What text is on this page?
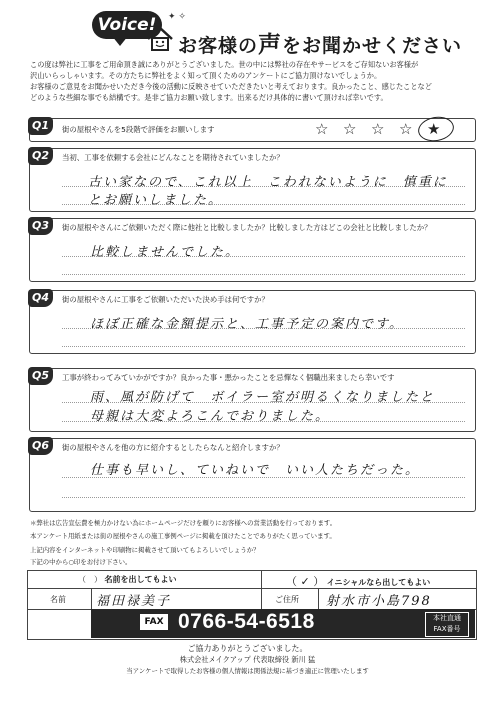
Voice!	✦ ✧
お客様の声をお聞かせください
この度は弊社に工事をご用命頂き誠にありがとうございました。世の中には弊社の存在やサービスをご存知ないお客様が
沢山いらっしゃいます。その方たちに弊社をよく知って頂くためのアンケートにご協力頂けないでしょうか。
お客様のご意見をお聞かせいただき今後の活動に反映させていただきたいと考えております。良かったこと、感じたことなど
どのような些細な事でも結構です。是非ご協力お願い致します。出来るだけ具体的に書いて頂ければ幸いです。
Q1	街の屋根やさんを5段階で評価をお願いします	☆ ☆ ☆ ☆ ★
Q2	当初、工事を依頼する会社にどんなことを期待されていましたか？
古い家なので、これ以上　こわれないように　慎重に
とお願いしました。
Q3	街の屋根やさんにご依頼いただく際に他社と比較しましたか？比較しました方はどこの会社と比較しましたか？
比較しませんでした。
Q4	街の屋根やさんに工事をご依頼いただいた決め手は何ですか？
ほぼ正確な金額提示と、工事予定の案内です。
Q5	工事が終わってみていかがですか？良かった事・悪かったことを忌憚なく個職出来ましたら幸いです
雨、風が防げて　ボイラー室が明るくなりましたと
母親は大変よろこんでおりました。
Q6	街の屋根やさんを他の方に紹介するとしたらなんと紹介しますか？
仕事も早いし、ていねいで　いい人たちだった。
＊弊社は広告宣伝費を極力かけない為にホームページだけを頼りにお客様への営業活動を行っております。
本アンケート用紙または街の屋根やさんの施工事例ページに掲載を頂けたことでありがたく思っています。
上記内容をインターネットや印刷物に掲載させて頂いてもよろしいでしょうか？
下記の中から○印をお付け下さい。
（　） 名前を出してもよい	（ ✓ ） イニシャルなら出してもよい
名前 福田禄美子	ご住所 射水市小島798
FAX 0766-54-6518	本社直通
FAX番号
ご協力ありがとうございました。
株式会社メイクアップ 代表取締役 新川 猛
当アンケートで取得したお客様の個人情報は関係法規に基づき適正に管理いたします
